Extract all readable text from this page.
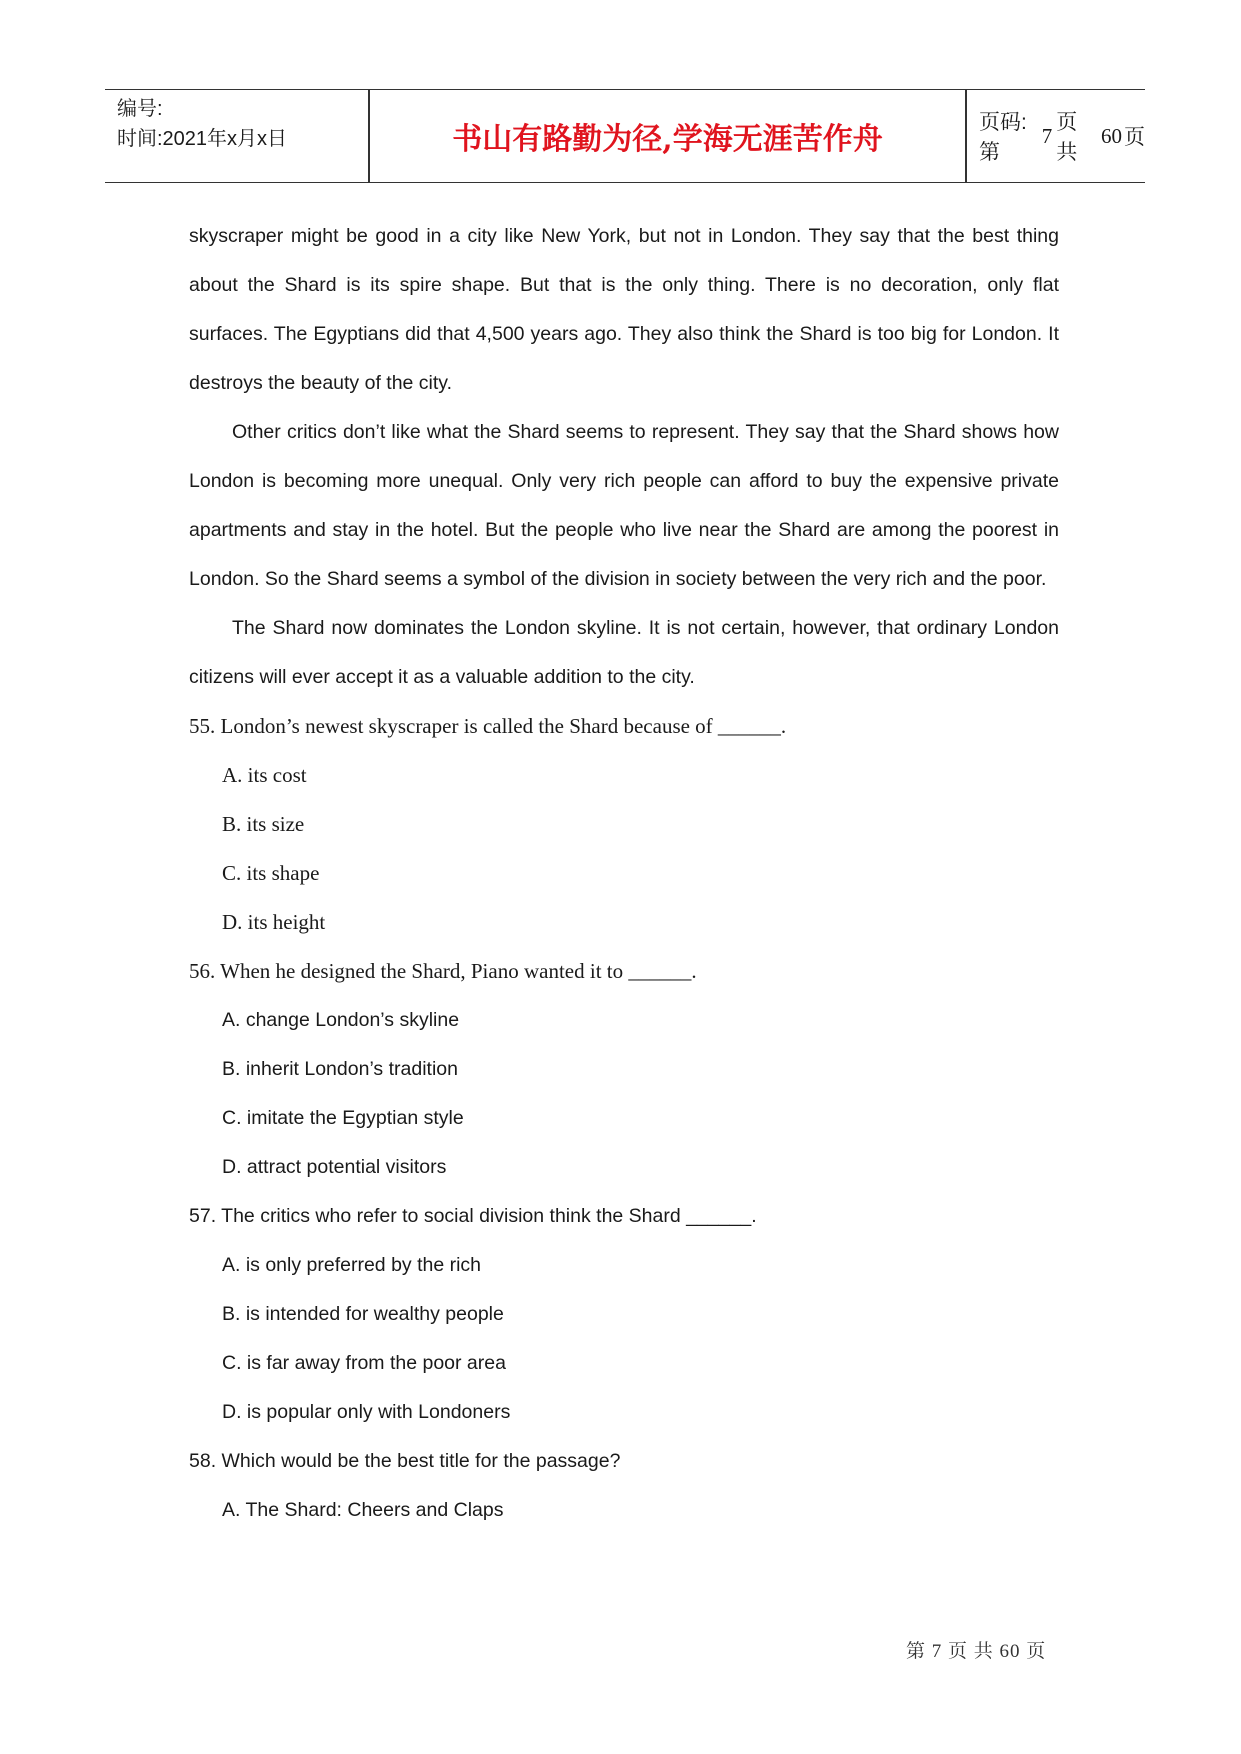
编号:
时间:2021年x月x日	书山有路勤为径,学海无涯苦作舟	页码:第
7
页 共
60 页

skyscraper might be good in a city like New York, but not in London. They say that the best thing about the Shard is its spire shape. But that is the only thing. There is no decoration, only flat surfaces. The Egyptians did that 4,500 years ago. They also think the Shard is too big for London. It destroys the beauty of the city.

Other critics don’t like what the Shard seems to represent. They say that the Shard shows how London is becoming more unequal. Only very rich people can afford to buy the expensive private apartments and stay in the hotel. But the people who live near the Shard are among the poorest in London. So the Shard seems a symbol of the division in society between the very rich and the poor.

The Shard now dominates the London skyline. It is not certain, however, that ordinary London citizens will ever accept it as a valuable addition to the city.

55. London’s newest skyscraper is called the Shard because of ______.

A. its cost

B. its size

C. its shape

D. its height

56. When he designed the Shard, Piano wanted it to ______.

A. change London’s skyline

B. inherit London’s tradition

C. imitate the Egyptian style

D. attract potential visitors

57. The critics who refer to social division think the Shard ______.

A. is only preferred by the rich

B. is intended for wealthy people

C. is far away from the poor area

D. is popular only with Londoners

58. Which would be the best title for the passage?

A. The Shard: Cheers and Claps

第 7 页 共 60 页
